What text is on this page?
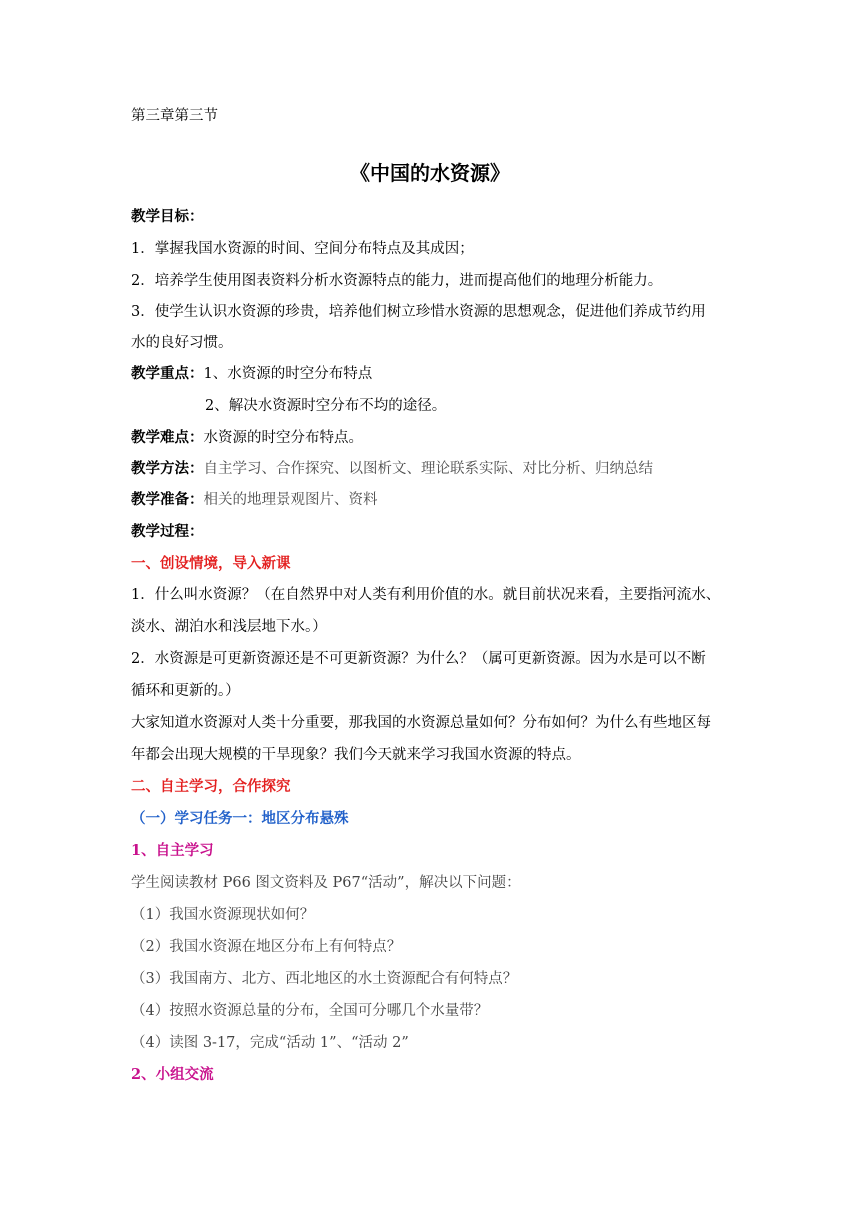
第三章第三节
《中国的水资源》
教学目标：
1．掌握我国水资源的时间、空间分布特点及其成因；
2．培养学生使用图表资料分析水资源特点的能力，进而提高他们的地理分析能力。
3．使学生认识水资源的珍贵，培养他们树立珍惜水资源的思想观念，促进他们养成节约用
水的良好习惯。
教学重点：1、水资源的时空分布特点
2、解决水资源时空分布不均的途径。
教学难点：水资源的时空分布特点。
教学方法：自主学习、合作探究、以图析文、理论联系实际、对比分析、归纳总结
教学准备：相关的地理景观图片、资料
教学过程：
一、创设情境，导入新课
1．什么叫水资源？（在自然界中对人类有利用价值的水。就目前状况来看，主要指河流水、
淡水、湖泊水和浅层地下水。）
2．水资源是可更新资源还是不可更新资源？为什么？（属可更新资源。因为水是可以不断
循环和更新的。）
大家知道水资源对人类十分重要，那我国的水资源总量如何？分布如何？为什么有些地区每
年都会出现大规模的干旱现象？我们今天就来学习我国水资源的特点。
二、自主学习，合作探究
（一）学习任务一：地区分布悬殊
1、自主学习
学生阅读教材 P66 图文资料及 P67“活动”，解决以下问题：
（1）我国水资源现状如何？
（2）我国水资源在地区分布上有何特点？
（3）我国南方、北方、西北地区的水土资源配合有何特点？
（4）按照水资源总量的分布，全国可分哪几个水量带？
（4）读图 3-17，完成“活动 1”、“活动 2”
2、小组交流
